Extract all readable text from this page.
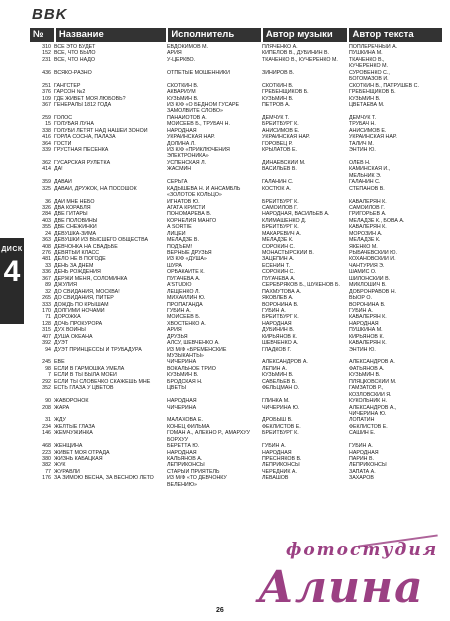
BBK
№	Название	Исполнитель	Автор музыки	Автор текста
ДИСК
4
310 ВСЕ ЭТО БУДЕТ	ЕВДОКИМОВ М.	ПЛЯЧЕНКО А.	ПОПЛЕРЕЧНЫЙ А.
152 ВСЕ, ЧТО БЫЛО	АРИЯ	КИПЕЛОВ В., ДУБИНИН В.	ПУШКИНА М.
231 ВСЕ, ЧТО НАДО	У-ЦЕРКВО.	ТКАЧЕНКО В., КУЧЕРЕНКО М.	ТКАЧЕНКО В.,
КУЧЕРЕНКО М.
436 ВСЯКО-РАЗНО	ОТПЕТЫЕ МОШЕННИКИ	ЗИНИРОВ В.	СУРОВЕНКО С.,
БОГОМАЗОВ И.
251 ГАНГСТЕР	СКОТКИН В.	СКОТКИН В.	СКОТКИН В., ПАТРУШЕВ С.
376 ГАРСОН №2	АКВАРИУМ	ГРЕБЕНЩИКОВ Б.	ГРЕБЕНЩИКОВ Б.
109 ГДЕ ЖИВЕТ МОЯ ЛЮБОВЬ?	КУЗЬМИН В.	КУЗЬМИН В.	КУЗЬМИН В.
367 ГЕНЕРАЛЫ 1812 ГОДА	ИЗ К/Ф «О БЕДНОМ ГУСАРЕ	ПЕТРОВ А.	ЦВЕТАЕВА М.
ЗАМОЛВИТЕ СЛОВО»
259 ГОЛОС	ПАНАЙОТОВ А.	ДЕМЧУК Т.	ДЕМЧУК Т.
15 ГОЛУБАЯ ЛУНА	МОИСЕЕВ Б., ТРУБАЧ Н.	БРЕЙТБУРГ К.	ТРУБАЧ Н.
338 ГОЛУБИ ЛЕТЯТ НАД НАШЕЙ ЗОНОЙ	НАРОДНАЯ	АНИСИМОВ Е.	АНИСИМОВ Е.
416 ГОРЛА СОСНА, ПАЛАЗА	УКРАИНСКАЯ НАР.	УКРАИНСКАЯ НАР.	УКРАИНСКАЯ НАР.
364 ГОСТИ	ДОЛИНА Л.	ГОРОВЕЦ Р.	ТАЛИЧ М.
339 ГРУСТНАЯ ПЕСЕНКА	ИЗ К/Ф «ПРИКЛЮЧЕНИЯ	КРЫЛАТОВ Е.	ЭНТИН Ю.
ЭЛЕКТРОНИКА»
362 ГУСАРСКАЯ РУЛЕТКА	УСПЕНСКАЯ Л.	ДИНАЕВСКИЙ М.	ОЛЕВ Н.
414 ДА!	ЖАСМИН	ВАСИЛЬЕВ В.	КАМИНСКАЯ И.,
МЕЛЬНИК Э.
359 ДАВАЙ	СЕРЬГА	ГАЛАНИН С.	ГАЛАНИН С.
325 ДАВАЙ, ДРУЖОК, НА ПОСОШОК	КАДЫШЕВА Н. И АНСАМБЛЬ	КОСТЮК А.	СТЕПАНОВ В.
«ЗОЛОТОЕ КОЛЬЦО»
36 ДАЙ МНЕ НЕБО	ИГНАТОВ Ю.	БРЕЙТБУРГ К.	КАВАЛЕРЯН К.
326 ДВА КОРАБЛЯ	АГАТА КРИСТИ	САМОЙЛОВ Г.	САМОЙЛОВ Г.
284 ДВЕ ГИТАРЫ	ПОНОМАРЕВА В.	НАРОДНАЯ, ВАСИЛЬЕВ А.	ГРИГОРЬЕВ А.
403 ДВЕ ПОЛОВИНЫ	КОРНЕЛИЯ МАНГО	КЛИМАШЕНКО Д.	МЕЛАДЗЕ К., БОВА А.
355 ДВЕ СНЕЖИНКИ	А SORTIE	БРЕЙТБУРГ К.	КАВАЛЕРЯН К.
24 ДЕВУШКА-ЗИМА	ЛИЦЕЙ	МАКАРЕВИЧ А.	МОРОЗИН А.
363 ДЕВУШКИ ИЗ ВЫСШЕГО ОБЩЕСТВА	МЕЛАДЗЕ В.	МЕЛАДЗЕ К.	МЕЛАДЗЕ К.
408 ДЕВЧОНКА НА СВАДЬБЕ	ПОДЪЕМ!	СОРОКИН С.	ЯКЕНКО М.
276 ДЕВЯТЫЙ КЛАСС	ВЕРНЫЕ ДРУЗЬЯ	МОНАСТЫРСКИЙ В.	РЫБАЧЕВСКИЙ Ю.
481 ДЕЛО НЕ В ПОГОДЕ	ИЗ К/Ф «ДУША»	ЗАЦЕПИН А.	КОХАНОВСКИЙ И.
33 ДЕНЬ ЗА ДНЕМ	ШУРА	ЕСЕНИН Т.	ЧАНТУРИЯ Э.
336 ДЕНЬ РОЖДЕНИЯ	ОРБАКАЙТЕ К.	СОРОКИН С.	ШАМИС О.
367 ДЕРЖИ МЕНЯ, СОЛОМИНКА	ПУГАЧЕВА А.	ПУГАЧЕВА А.	ШИЛОНСКИЙ В.
89 ДЖУЛИЯ	A'STUDIO	СЕРЕБРЯКОВ Б., ШУКЕНОВ Б.	МИКЛОШИЧ В.
32 ДО СВИДАНИЯ, МОСКВА!	ЛЕЩЕНКО Л.	ПАХМУТОВА А.	ДОБРОНРАВОВ Н.
265 ДО СВИДАНИЯ, ПИТЕР	МИХАЙЛИН Ю.	ЯКОВЛЕВ А.	ВЫОР О.
333 ДОЖДЬ ПО КРЫШАМ	ПРОПАГАНДА	ВОРОНИНА В.	ВОРОНИНА В.
170 ДОЛГИМИ НОЧАМИ	ГУБИН А.	ГУБИН А.	ГУБИН А.
71 ДОРОЖКА	МОИСЕЕВ Б.	БРЕЙТБУРГ К.	КАВАЛЕРЯН К.
128 ДОЧЬ ПРОКУРОРА	ХВОСТЕНКО А.	НАРОДНАЯ	НАРОДНАЯ
315 ДУХ ВОЙНЫ	АРИЯ	ДУБИНИН В.	ПУШКИНА М.
407 ДУША ОКЕАНА	ДРУЗЬЯ	КИРЬЯНОВ К.	КИРЬЯНОВ К.
392 ДУЭТ	АЛСУ, ШЕВЧЕНКО А.	ШЕВЧЕНКО А.	КАВАЛЕРЯН К.
94 ДУЭТ ПРИНЦЕССЫ И ТРУБАДУРА	ИЗ М/Ф «БРЕМЕНСКИЕ	ГЛАДКОВ Г.	ЭНТИН Ю.
МУЗЫКАНТЫ»
245 ЕВЕ	ЧИЧЕРИНА	АЛЕКСАНДРОВ А.	АЛЕКСАНДРОВ А.
98 ЕСЛИ В ГАРМОШКА УМЕЛА	ВОКАЛЬНОЕ ТРИО	ЛЕПИН А.	ФАТЬЯНОВ А.
7 ЕСЛИ В ТЫ БЫЛА МОЕЙ	КУЗЬМИН В.	КУЗЬМИН В.	КУЗЬМИН В.
292 ЕСЛИ ТЫ СЛОВЕЧКО СКАЖЕШЬ МНЕ	БРОДСКАЯ Н.	САВЕЛЬЕВ Б.	ПЛЯЦКОВСКИЙ М.
352 ЕСТЬ ГЛАЗА У ЦВЕТОВ	ЦВЕТЫ	ФЕЛЬЦМАН О.	ГАМЗАТОВ Р.,
КОЗЛОВСКИЙ Я.
90 ЖАВОРОНОК	НАРОДНАЯ	ГЛИНКА М.	КУКОЛЬНИК Н.
208 ЖАРА	ЧИЧЕРИНА	ЧИЧЕРИНА Ю.	АЛЕКСАНДРОВ А.,
ЧИЧЕРИНА Ю.
31 ЖДУ	МАЛАХОВА Е.	ДРОБЫШ В.	ЛОПАТИН
234 ЖЕЛТЫЕ ГЛАЗА	КОНЕЦ ФИЛЬМА	ФЕКЛИСТОВ Е.	ФЕКЛИСТОВ Е.
146 ЖЕМЧУЖИНКА	ГОМАН А., АЛЕКНО Р., АМАРХУУ	БРЕЙТБУРГ К.	САШИН Е.
БОРХУУ
468 ЖЕНЩИНА	БЕРЕТТА Ю.	ГУБИН А.	ГУБИН А.
223 ЖИВЕТ МОЯ ОТРАДА	НАРОДНАЯ	НАРОДНАЯ	НАРОДНАЯ
380 ЖИЗНЬ КАБАЦКАЯ	КАЛЬЯНОВ А.	ПРЕСНЯКОВ В.	ПАРИН В.
382 ЖУК	ЛЕПРИКОНСЫ	ЛЕПРИКОНСЫ	ЛЕПРИКОНСЫ
77 ЖУРАВЛИ	СТАРЫЙ ПРИЯТЕЛЬ	ЧЕРЕДНИК А.	ЗАПАТА А.
176 ЗА ЗИМОЮ ВЕСНА, ЗА ВЕСНОЮ ЛЕТО	ИЗ М/Ф «ТО ДЕВЧОНКУ	ЛЕВАШОВ	ЗАХАРОВ
ВЕЛЕНИЮ»
фотостудия
Алина
26
